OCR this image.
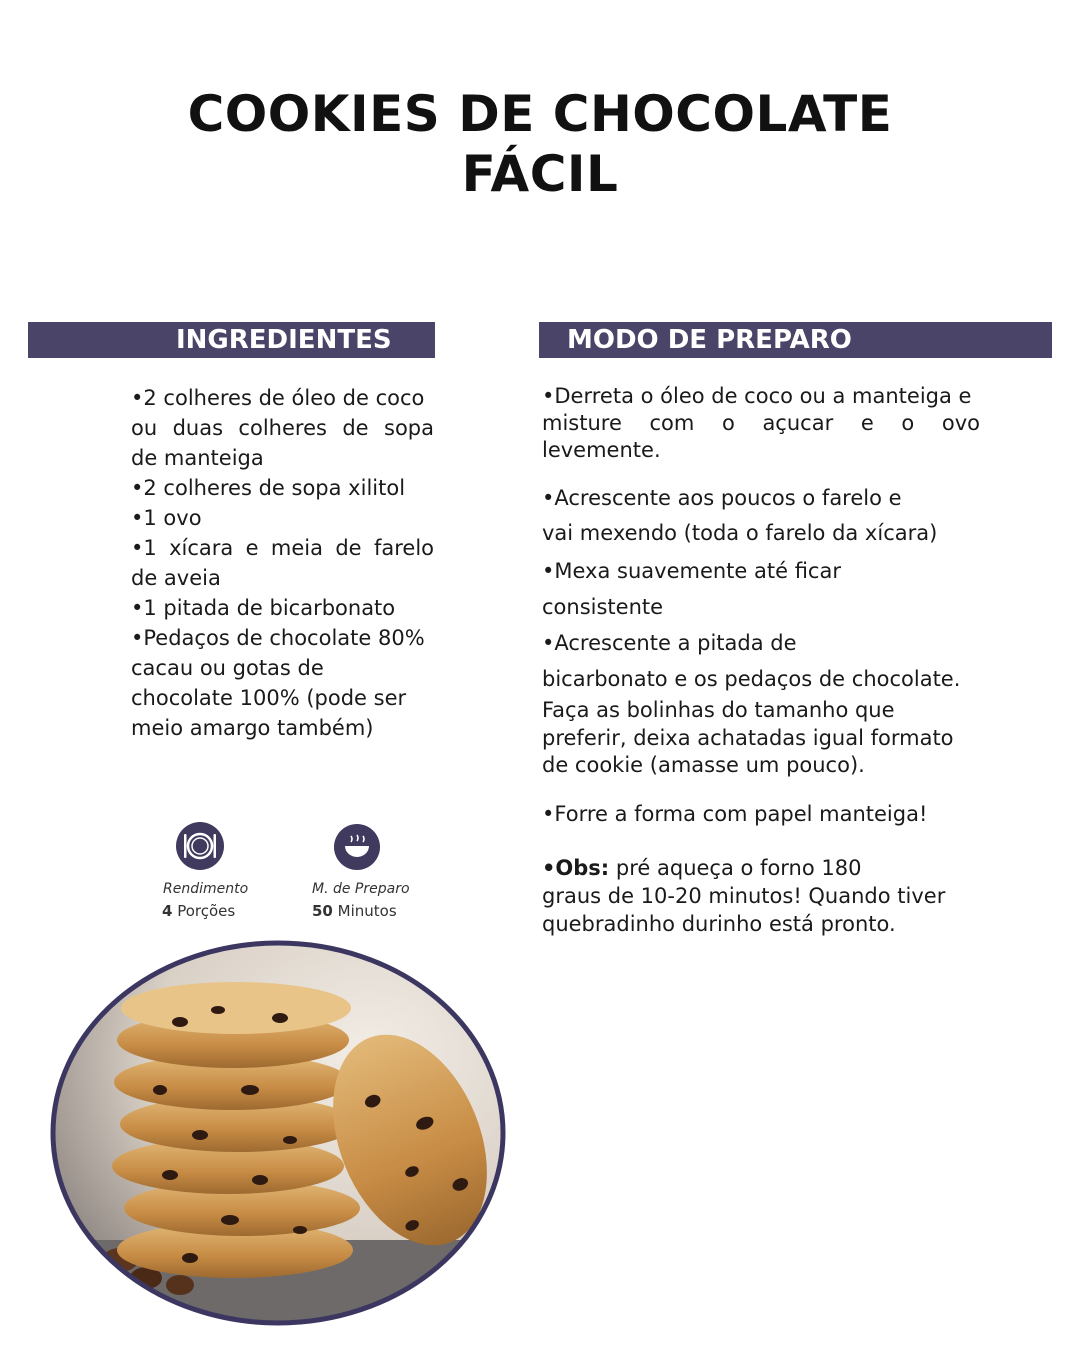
COOKIES DE CHOCOLATE
FÁCIL
INGREDIENTES	MODO DE PREPARO
•2 colheres de óleo de coco
ou duas colheres de sopa
de manteiga
•2 colheres de sopa xilitol
•1 ovo
•1 xícara e meia de farelo
de aveia
•1 pitada de bicarbonato
•Pedaços de chocolate 80%
cacau ou gotas de
chocolate 100% (pode ser
meio amargo também)

•Derreta o óleo de coco ou a manteiga e
misture com o açucar e o ovo
levemente.

•Acrescente aos poucos o farelo e
vai mexendo (toda o farelo da xícara)

•Mexa suavemente até ficar
consistente

•Acrescente a pitada de
bicarbonato e os pedaços de chocolate.
Faça as bolinhas do tamanho que
preferir, deixa achatadas igual formato
de cookie (amasse um pouco).

•Forre a forma com papel manteiga!

•Obs: pré aqueça o forno 180
graus de 10-20 minutos! Quando tiver
quebradinho durinho está pronto.

Rendimento
4 Porções
M. de Preparo
50 Minutos
